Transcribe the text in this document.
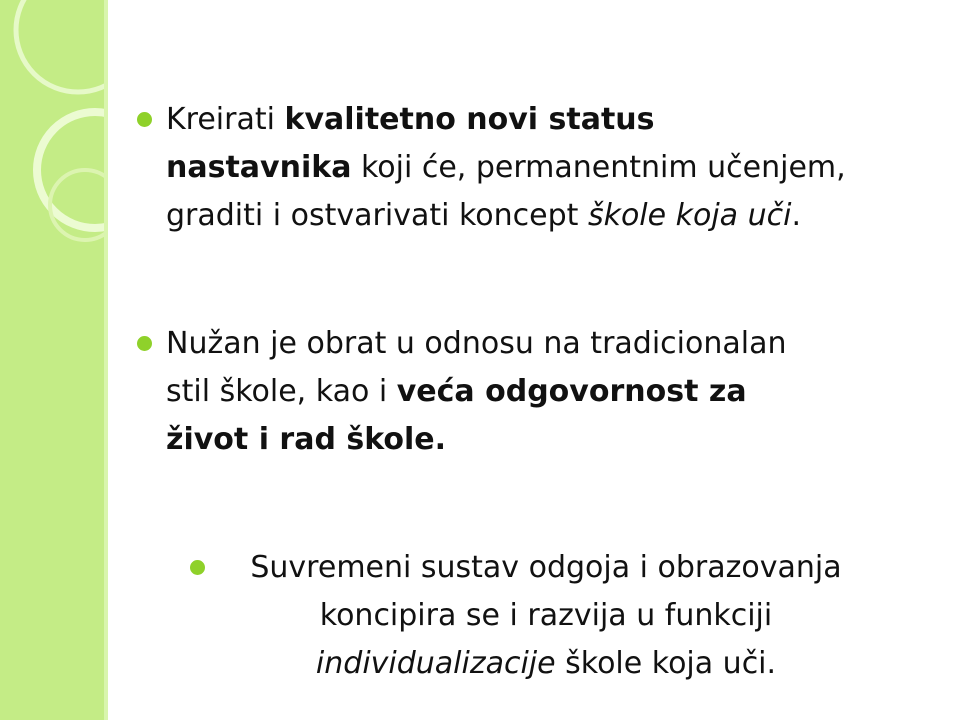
Kreirati kvalitetno novi status
nastavnika koji će, permanentnim učenjem,
graditi i ostvarivati koncept škole koja uči.
Nužan je obrat u odnosu na tradicionalan
stil škole, kao i veća odgovornost za
život i rad škole.
Suvremeni sustav odgoja i obrazovanja
koncipira se i razvija u funkciji
individualizacije škole koja uči.
